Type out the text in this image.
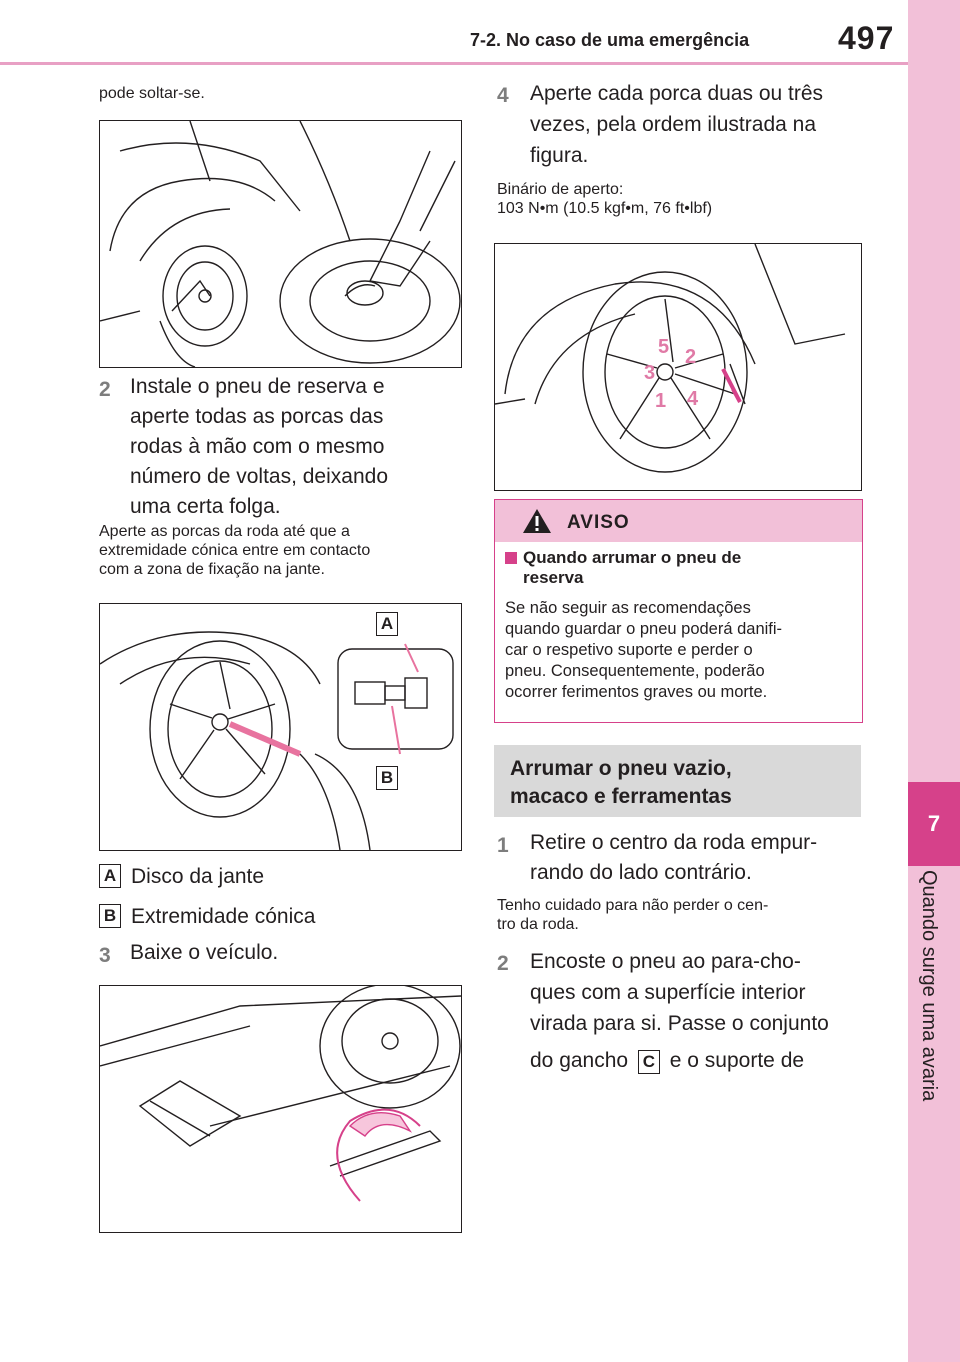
7-2. No caso de uma emergência	497
7
Quando surge uma avaria
pode soltar-se.
2 Instale o pneu de reserva e
aperte todas as porcas das
rodas à mão com o mesmo
número de voltas, deixando
uma certa folga.
Aperte as porcas da roda até que a
extremidade cónica entre em contacto
com a zona de fixação na jante.
A
B
A Disco da jante
B Extremidade cónica
3 Baixe o veículo.
4 Aperte cada porca duas ou três
vezes, pela ordem ilustrada na
figura.
Binário de aperto:
103 N•m (10.5 kgf•m, 76 ft•lbf)
5 2
3
1 4
AVISO
Quando arrumar o pneu de
reserva
Se não seguir as recomendações
quando guardar o pneu poderá danifi-
car o respetivo suporte e perder o
pneu. Consequentemente, poderão
ocorrer ferimentos graves ou morte.
Arrumar o pneu vazio,
macaco e ferramentas
1 Retire o centro da roda empur-
rando do lado contrário.
Tenho cuidado para não perder o cen-
tro da roda.
2 Encoste o pneu ao para-cho-
ques com a superfície interior
virada para si. Passe o conjunto
do gancho C e o suporte de
